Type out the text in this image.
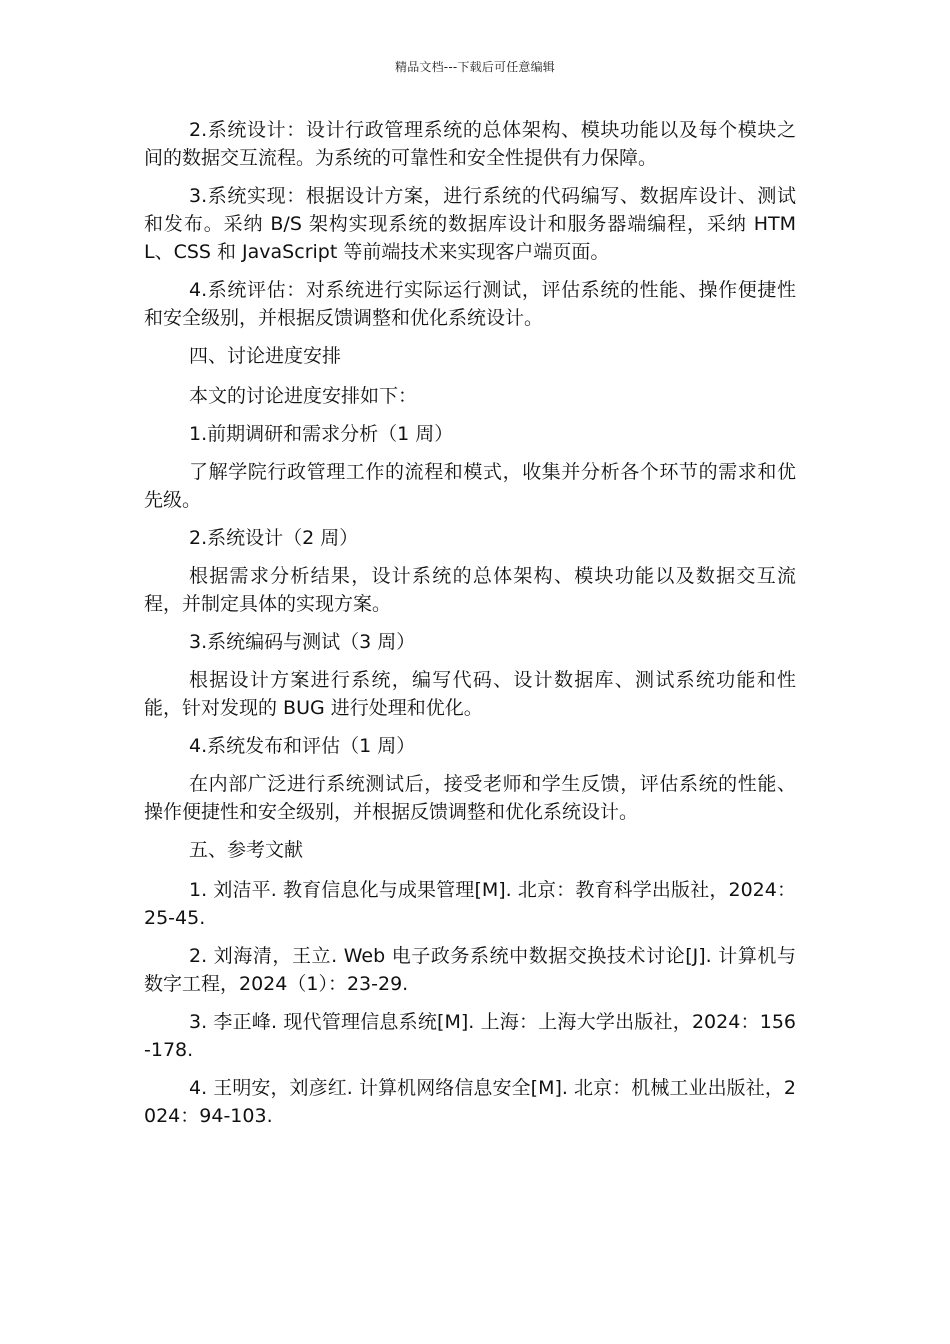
精品文档---下载后可任意编辑

2.系统设计：设计行政管理系统的总体架构、模块功能以及每个模块之间的数据交互流程。为系统的可靠性和安全性提供有力保障。

3.系统实现：根据设计方案，进行系统的代码编写、数据库设计、测试和发布。采纳 B/S 架构实现系统的数据库设计和服务器端编程，采纳 HTML、CSS 和 JavaScript 等前端技术来实现客户端页面。

4.系统评估：对系统进行实际运行测试，评估系统的性能、操作便捷性和安全级别，并根据反馈调整和优化系统设计。

四、讨论进度安排

本文的讨论进度安排如下：

1.前期调研和需求分析（1 周）

了解学院行政管理工作的流程和模式，收集并分析各个环节的需求和优先级。

2.系统设计（2 周）

根据需求分析结果，设计系统的总体架构、模块功能以及数据交互流程，并制定具体的实现方案。

3.系统编码与测试（3 周）

根据设计方案进行系统，编写代码、设计数据库、测试系统功能和性能，针对发现的 BUG 进行处理和优化。

4.系统发布和评估（1 周）

在内部广泛进行系统测试后，接受老师和学生反馈，评估系统的性能、操作便捷性和安全级别，并根据反馈调整和优化系统设计。

五、参考文献

1. 刘洁平. 教育信息化与成果管理[M]. 北京：教育科学出版社，2024：25-45.

2. 刘海清，王立. Web 电子政务系统中数据交换技术讨论[J]. 计算机与数字工程，2024（1）：23-29.

3. 李正峰. 现代管理信息系统[M]. 上海：上海大学出版社，2024：156-178.

4. 王明安，刘彦红. 计算机网络信息安全[M]. 北京：机械工业出版社，2024：94-103.
